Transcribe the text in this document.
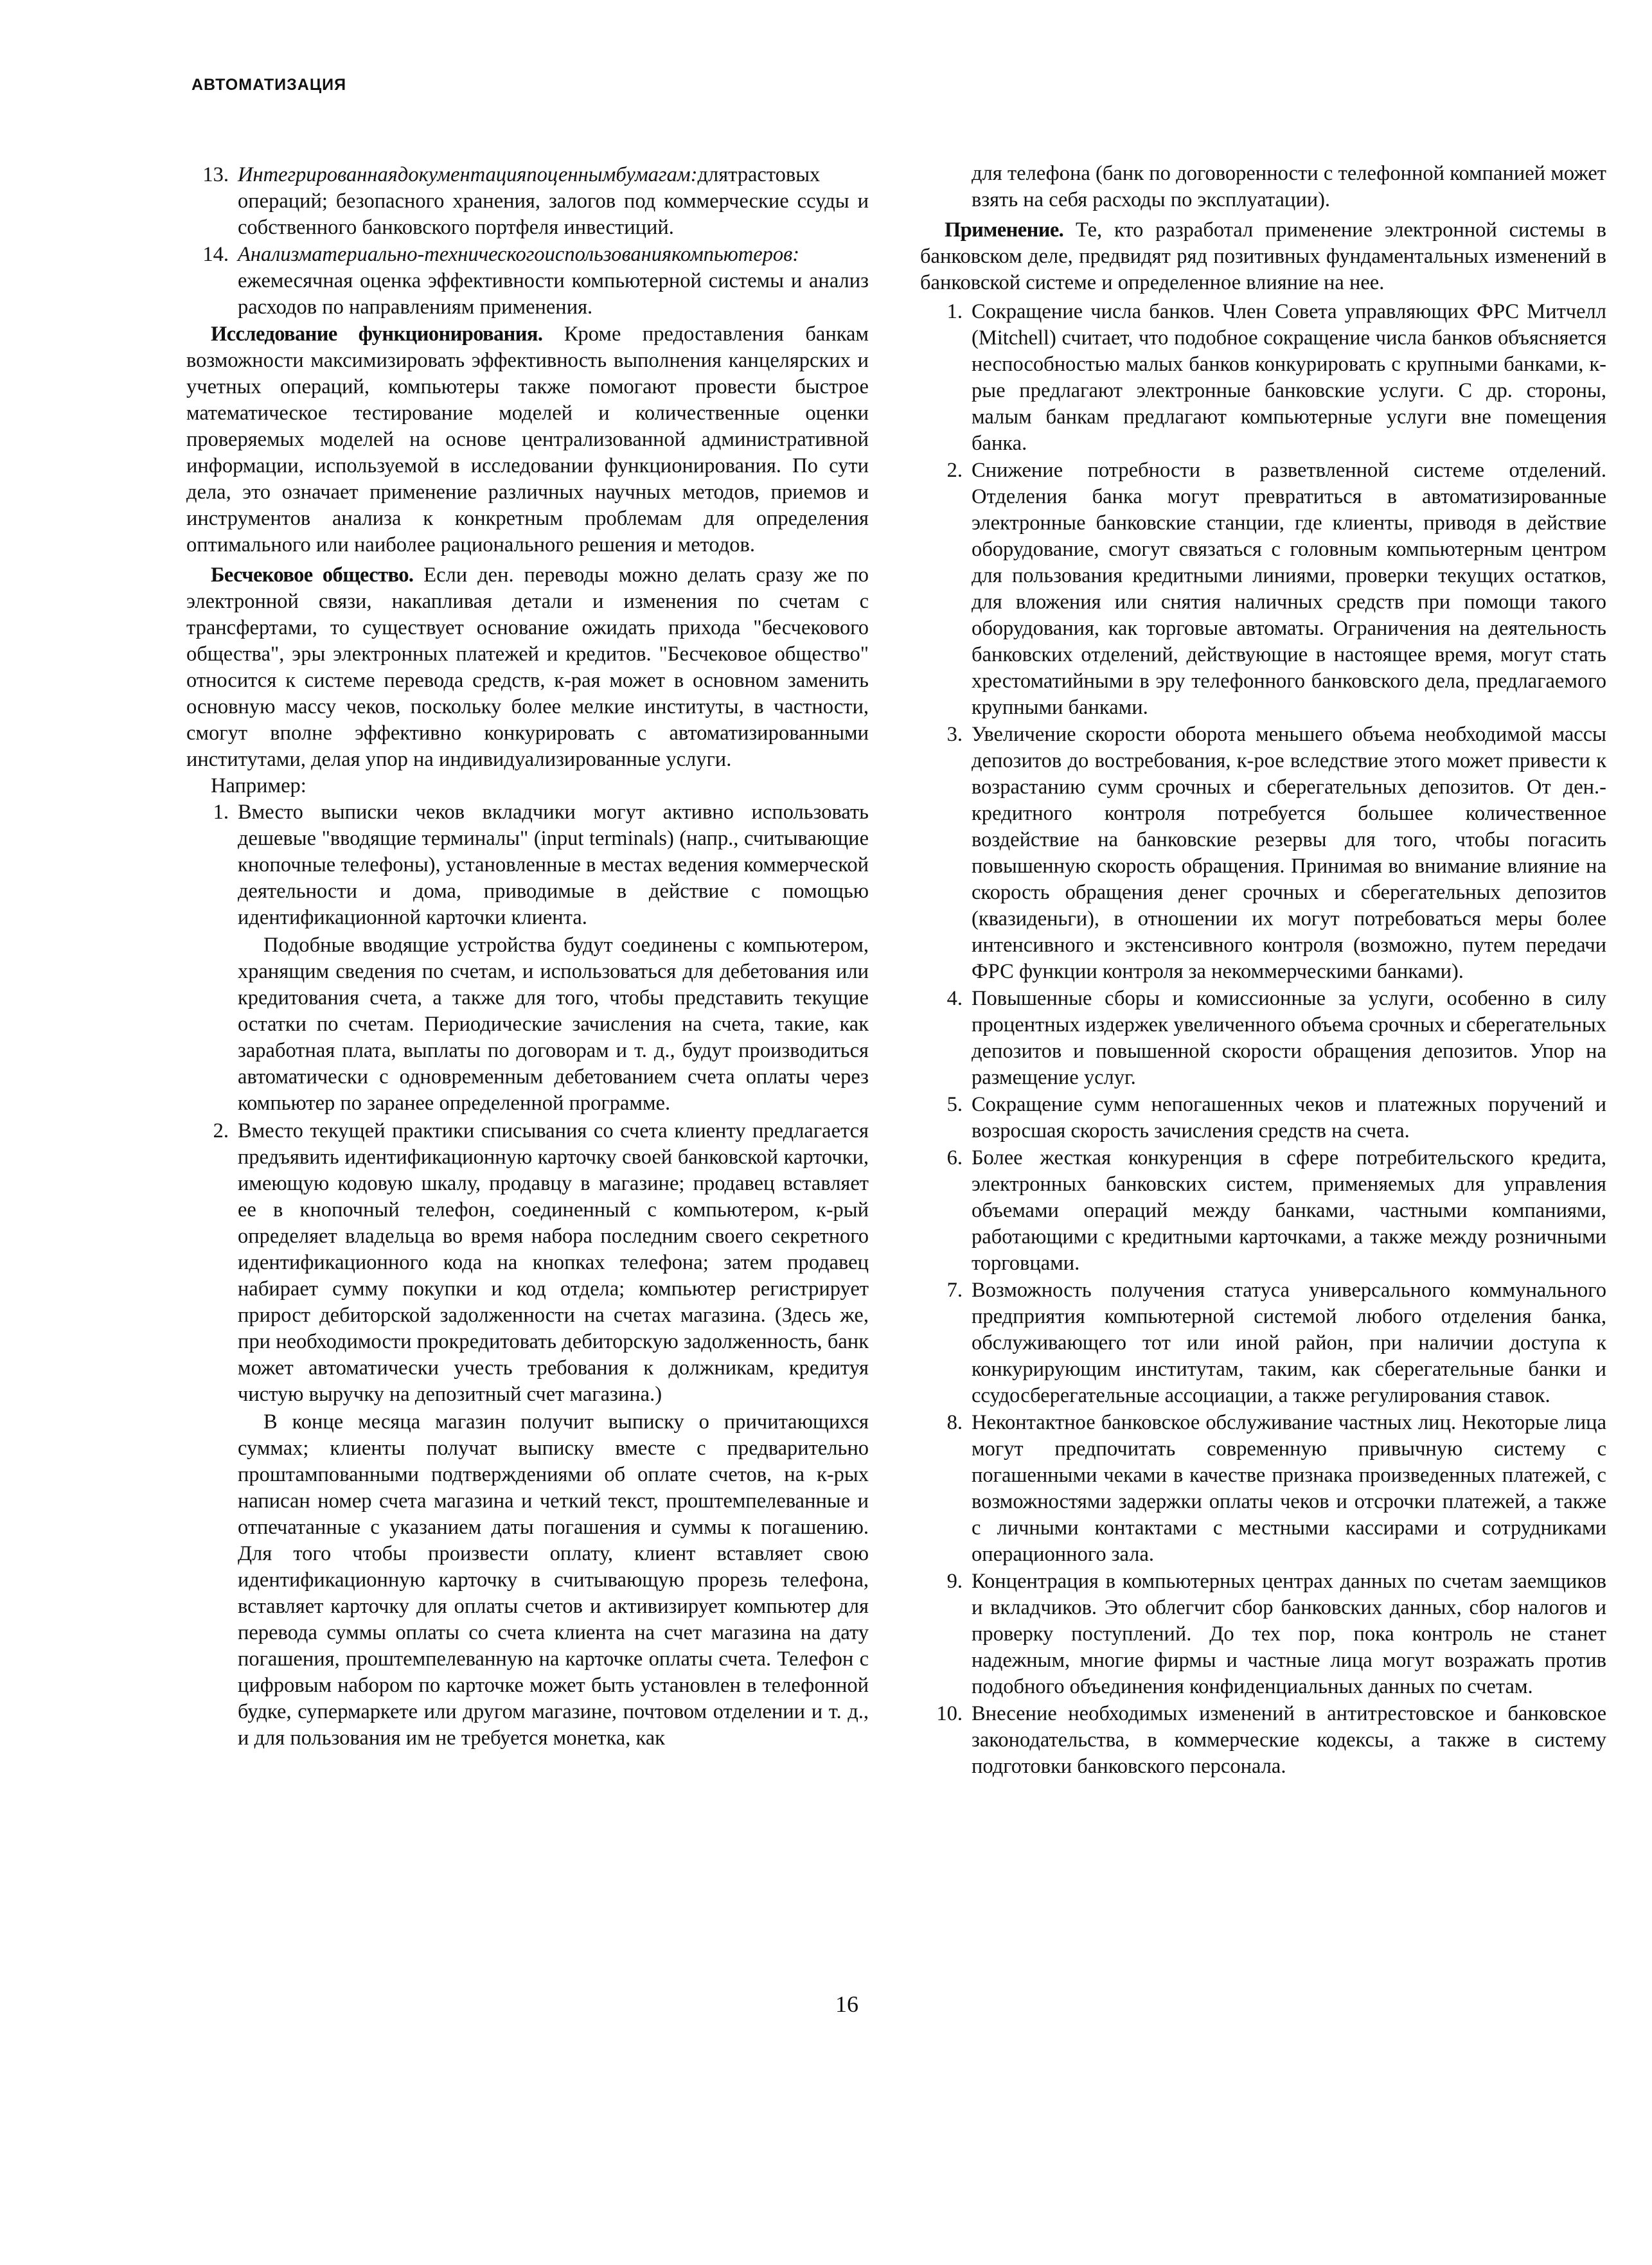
АВТОМАТИЗАЦИЯ
13. Интегрированнаядокументацияпоценнымбумагам:длятрастовых операций; безопасного хранения, залогов под коммерческие ссуды и собственного банковского портфеля инвестиций.
14. Анализматериально-техническогоиспользованиякомпьютеров: ежемесячная оценка эффективности компьютерной системы и анализ расходов по направлениям применения.

Исследование функционирования. Кроме предоставления банкам возможности максимизировать эффективность выполнения канцелярских и учетных операций, компьютеры также помогают провести быстрое математическое тестирование моделей и количественные оценки проверяемых моделей на основе централизованной административной информации, используемой в исследовании функционирования. По сути дела, это означает применение различных научных методов, приемов и инструментов анализа к конкретным проблемам для определения оптимального или наиболее рационального решения и методов.

Бесчековое общество. Если ден. переводы можно делать сразу же по электронной связи, накапливая детали и изменения по счетам с трансфертами, то существует основание ожидать прихода "бесчекового общества", эры электронных платежей и кредитов. "Бесчековое общество" относится к системе перевода средств, к-рая может в основном заменить основную массу чеков, поскольку более мелкие институты, в частности, смогут вполне эффективно конкурировать с автоматизированными институтами, делая упор на индивидуализированные услуги.

Например:

1. Вместо выписки чеков вкладчики могут активно использовать дешевые "вводящие терминалы" (input terminals) (напр., считывающие кнопочные телефоны), установленные в местах ведения коммерческой деятельности и дома, приводимые в действие с помощью идентификационной карточки клиента.

Подобные вводящие устройства будут соединены с компьютером, хранящим сведения по счетам, и использоваться для дебетования или кредитования счета, а также для того, чтобы представить текущие остатки по счетам. Периодические зачисления на счета, такие, как заработная плата, выплаты по договорам и т. д., будут производиться автоматически с одновременным дебетованием счета оплаты через компьютер по заранее определенной программе.

2. Вместо текущей практики списывания со счета клиенту предлагается предъявить идентификационную карточку своей банковской карточки, имеющую кодовую шкалу, продавцу в магазине; продавец вставляет ее в кнопочный телефон, соединенный с компьютером, к-рый определяет владельца во время набора последним своего секретного идентификационного кода на кнопках телефона; затем продавец набирает сумму покупки и код отдела; компьютер регистрирует прирост дебиторской задолженности на счетах магазина. (Здесь же, при необходимости прокредитовать дебиторскую задолженность, банк может автоматически учесть требования к должникам, кредитуя чистую выручку на депозитный счет магазина.)

В конце месяца магазин получит выписку о причитающихся суммах; клиенты получат выписку вместе с предварительно проштампованными подтверждениями об оплате счетов, на к-рых написан номер счета магазина и четкий текст, проштемпелеванные и отпечатанные с указанием даты погашения и суммы к погашению. Для того чтобы произвести оплату, клиент вставляет свою идентификационную карточку в считывающую прорезь телефона, вставляет карточку для оплаты счетов и активизирует компьютер для перевода суммы оплаты со счета клиента на счет магазина на дату погашения, проштемпелеванную на карточке оплаты счета. Телефон с цифровым набором по карточке может быть установлен в телефонной будке, супермаркете или другом магазине, почтовом отделении и т. д., и для пользования им не требуется монетка, как

для телефона (банк по договоренности с телефонной компанией может взять на себя расходы по эксплуатации).

Применение. Те, кто разработал применение электронной системы в банковском деле, предвидят ряд позитивных фундаментальных изменений в банковской системе и определенное влияние на нее.

1. Сокращение числа банков. Член Совета управляющих ФРС Митчелл (Mitchell) считает, что подобное сокращение числа банков объясняется неспособностью малых банков конкурировать с крупными банками, к-рые предлагают электронные банковские услуги. С др. стороны, малым банкам предлагают компьютерные услуги вне помещения банка.
2. Снижение потребности в разветвленной системе отделений. Отделения банка могут превратиться в автоматизированные электронные банковские станции, где клиенты, приводя в действие оборудование, смогут связаться с головным компьютерным центром для пользования кредитными линиями, проверки текущих остатков, для вложения или снятия наличных средств при помощи такого оборудования, как торговые автоматы. Ограничения на деятельность банковских отделений, действующие в настоящее время, могут стать хрестоматийными в эру телефонного банковского дела, предлагаемого крупными банками.
3. Увеличение скорости оборота меньшего объема необходимой массы депозитов до востребования, к-рое вследствие этого может привести к возрастанию сумм срочных и сберегательных депозитов. От ден.-кредитного контроля потребуется большее количественное воздействие на банковские резервы для того, чтобы погасить повышенную скорость обращения. Принимая во внимание влияние на скорость обращения денег срочных и сберегательных депозитов (квазиденьги), в отношении их могут потребоваться меры более интенсивного и экстенсивного контроля (возможно, путем передачи ФРС функции контроля за некоммерческими банками).
4. Повышенные сборы и комиссионные за услуги, особенно в силу процентных издержек увеличенного объема срочных и сберегательных депозитов и повышенной скорости обращения депозитов. Упор на размещение услуг.
5. Сокращение сумм непогашенных чеков и платежных поручений и возросшая скорость зачисления средств на счета.
6. Более жесткая конкуренция в сфере потребительского кредита, электронных банковских систем, применяемых для управления объемами операций между банками, частными компаниями, работающими с кредитными карточками, а также между розничными торговцами.
7. Возможность получения статуса универсального коммунального предприятия компьютерной системой любого отделения банка, обслуживающего тот или иной район, при наличии доступа к конкурирующим институтам, таким, как сберегательные банки и ссудосберегательные ассоциации, а также регулирования ставок.
8. Неконтактное банковское обслуживание частных лиц. Некоторые лица могут предпочитать современную привычную систему с погашенными чеками в качестве признака произведенных платежей, с возможностями задержки оплаты чеков и отсрочки платежей, а также с личными контактами с местными кассирами и сотрудниками операционного зала.
9. Концентрация в компьютерных центрах данных по счетам заемщиков и вкладчиков. Это облегчит сбор банковских данных, сбор налогов и проверку поступлений. До тех пор, пока контроль не станет надежным, многие фирмы и частные лица могут возражать против подобного объединения конфиденциальных данных по счетам.
10. Внесение необходимых изменений в антитрестовское и банковское законодательства, в коммерческие кодексы, а также в систему подготовки банковского персонала.
16
